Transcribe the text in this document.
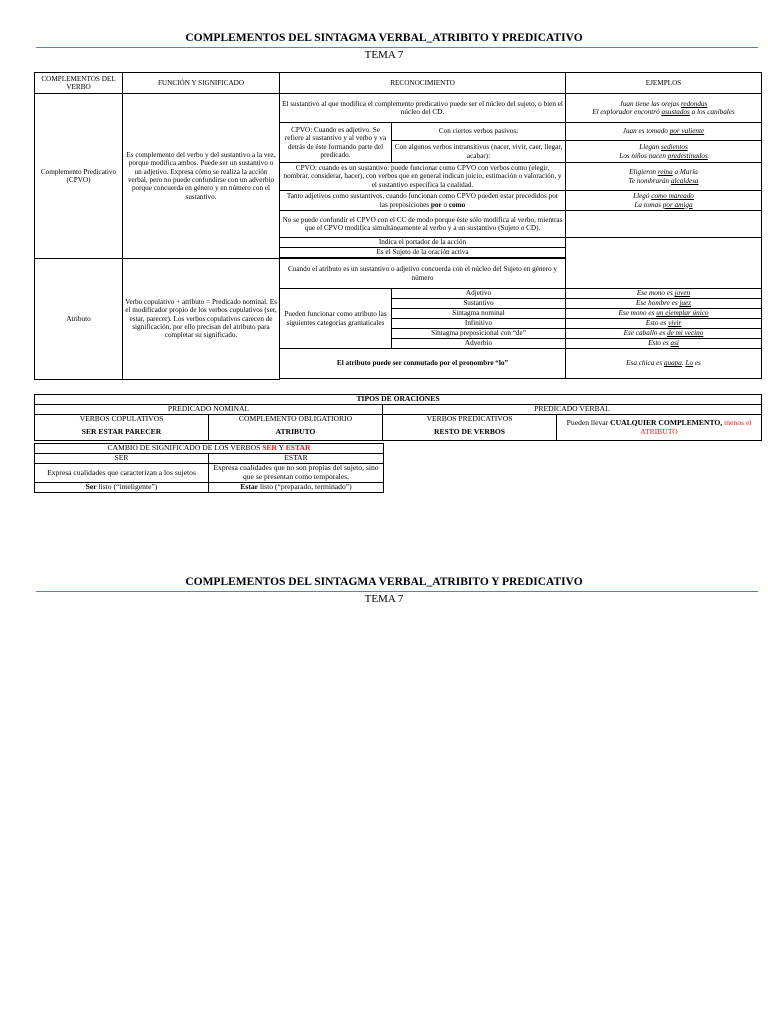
COMPLEMENTOS DEL SINTAGMA VERBAL_ATRIBITO Y PREDICATIVO
TEMA 7
COMPLEMENTOS DEL VERBO	FUNCIÓN Y SIGNIFICADO	RECONOCIMIENTO		EJEMPLOS	
Complemento Predicativo (CPVO)	Es complemento del verbo y del sustantivo a la vez, porque modifica ambos. Puede ser un sustantivo o un adjetivo. Expresa cómo se realiza la acción verbal, pero no puede confundirse con un adverbio porque concuerda en género y en número con el sustantivo.	El sustantivo al que modifica el complemento predicativo puede ser el núcleo del sujeto, o bien el núcleo del CD.		Juan tiene las orejas redondas
El explorador encontró asustados a los caníbales	
		CPVO: Cuando es adjetivo. Se refiere al sustantivo y al verbo y va detrás de éste formando parte del predicado.	Con ciertos verbos pasivos:	Juan es tomado por valiente	
			Con algunos verbos intransitivos (nacer, vivir, caer, llegar, acabar):	Llegan sedientos
Los niños nacen predestinados	
		CPVO: cuando es un sustantivo: puede funcionar como CPVO con verbos como (elegir, nombrar, considerar, hacer), con verbos que en general indican juicio, estimación o valoración, y el sustantivo especifica la cualidad.		Eligieron reina a María
Te nombrarán alcaldesa	
		Tanto adjetivos como sustantivos, cuando funcionan como CPVO pueden estar precedidos por las preposiciones por o como		Llegó como mareado
La tomas por amiga	
		No se puede confundir el CPVO con el CC de modo porque éste sólo modifica al verbo, mientras que el CPVO modifica simultáneamente al verbo y a un sustantivo (Sujeto o CD).			
		Indica el portador de la acción			
		Es el Sujeto de la oración activa			

Atributo	Verbo copulativo + atributo = Predicado nominal. Es el modificador propio de los verbos copulativos (ser, estar, parecer). Los verbos copulativos carecen de significación, por ello precisan del atributo para completar su significado.	Cuando el atributo es un sustantivo o adjetivo concuerda con el núcleo del Sujeto en género y número			
		Pueden funcionar como atributo las siguientes categorías gramaticales	Adjetivo	Ese mono es joven	
			Sustantivo	Ese hombre es juez	
			Sintagma nominal	Ese mono es un ejemplar único	
			Infinitivo	Esto es vivir	
			Sintagma preposicional con “de”	Ese caballo es de mi vecino	
			Adverbio	Esto es así	
		El atributo puede ser conmutado por el pronombre “lo”		Esa chica es guapa. Lo es	

TIPOS DE ORACIONES			
PREDICADO NOMINAL		PREDICADO VERBAL	
VERBOS COPULATIVOS	COMPLEMENTO OBLIGATIORIO	VERBOS PREDICATIVOS	Pueden llevar CUALQUIER COMPLEMENTO, menos el ATRIBUTO
SER ESTAR PARECER	ATRIBUTO	RESTO DE VERBOS	
CAMBIO DE SIGNIFICADO DE LOS VERBOS SER Y ESTAR	
SER	ESTAR
Expresa cualidades que caracterizan a los sujetos	Expresa cualidades que no son propias del sujeto, sino que se presentan como temporales.
Ser listo (“inteligente”)	Estar listo (“preparado, terminado”)
COMPLEMENTOS DEL SINTAGMA VERBAL_ATRIBITO Y PREDICATIVO
TEMA 7
